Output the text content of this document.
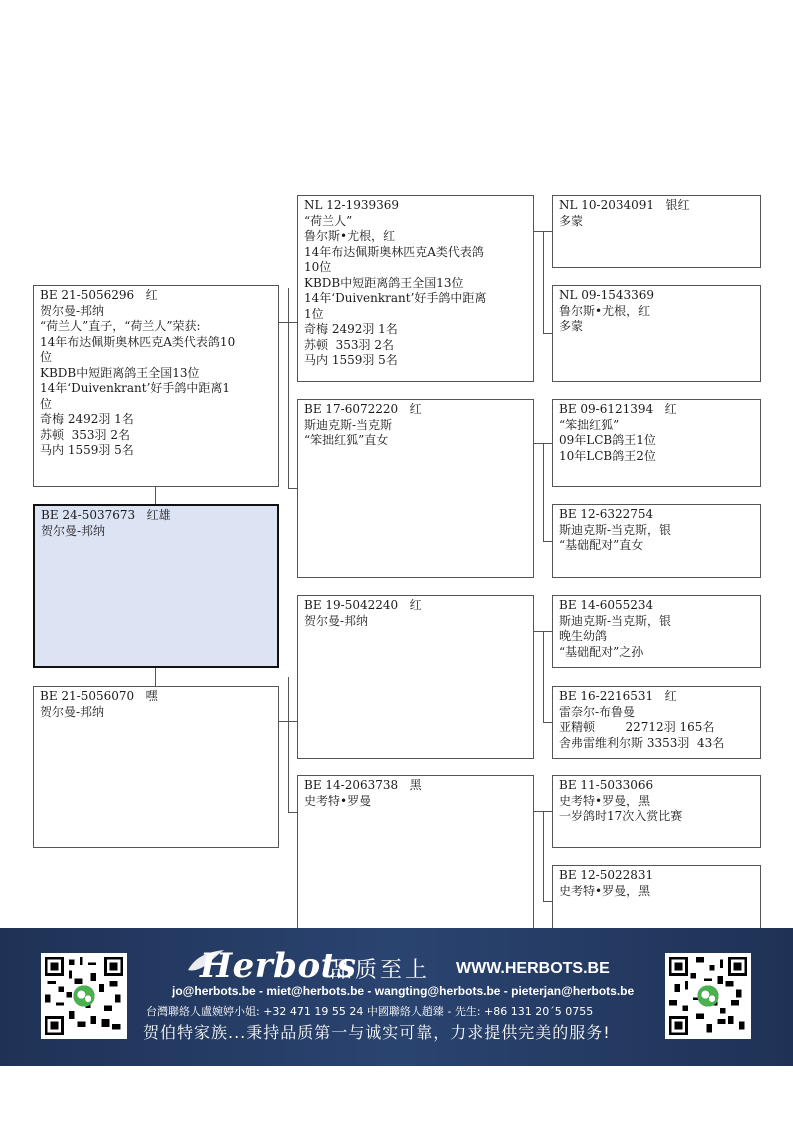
BE 21-5056296   红
贺尔曼-邦纳
“荷兰人”直子，“荷兰人”荣获:
14年布达佩斯奥林匹克A类代表鸽10
位
KBDB中短距离鸽王全国13位
14年‘Duivenkrant’好手鸽中距离1
位
奇梅 2492羽 1名
苏顿  353羽 2名
马内 1559羽 5名
BE 24-5037673   红雄
贺尔曼-邦纳
BE 21-5056070   嘿
贺尔曼-邦纳
NL 12-1939369
“荷兰人”
鲁尔斯•尤根，红
14年布达佩斯奥林匹克A类代表鸽
10位
KBDB中短距离鸽王全国13位
14年‘Duivenkrant’好手鸽中距离
1位
奇梅 2492羽 1名
苏顿  353羽 2名
马内 1559羽 5名
BE 17-6072220   红
斯迪克斯-当克斯
“笨拙红狐”直女
BE 19-5042240   红
贺尔曼-邦纳
BE 14-2063738   黑
史考特•罗曼
NL 10-2034091   银红
多蒙
NL 09-1543369
鲁尔斯•尤根，红
多蒙
BE 09-6121394   红
“笨拙红狐”
09年LCB鸽王1位
10年LCB鸽王2位
BE 12-6322754
斯迪克斯-当克斯，银
“基础配对”直女
BE 14-6055234
斯迪克斯-当克斯，银
晚生幼鸽
“基础配对”之孙
BE 16-2216531   红
雷奈尔-布鲁曼
亚精顿        22712羽 165名
舍弗雷维利尔斯 3353羽  43名
BE 11-5033066
史考特•罗曼，黑
一岁鸽时17次入赏比赛
BE 12-5022831
史考特•罗曼，黑
Herbots
品质至上 WWW.HERBOTS.BE
jo@herbots.be - miet@herbots.be - wangting@herbots.be - pieterjan@herbots.be
台灣聯絡人盧婉婷小姐: +32 471 19 55 24 中國聯絡人趙臻 - 先生: +86 131 20´5 0755
贺伯特家族...秉持品质第一与诚实可靠，力求提供完美的服务!
